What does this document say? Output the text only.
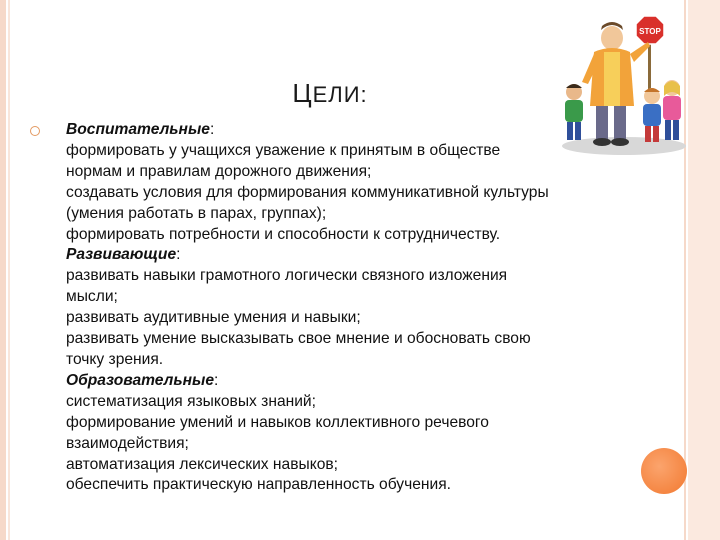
ЦЕЛИ:
Воспитательные:
формировать у учащихся уважение к принятым в обществе
нормам и правилам дорожного движения;
создавать условия для формирования коммуникативной культуры
(умения работать в парах, группах);
формировать потребности и способности к сотрудничеству.
Развивающие:
развивать навыки грамотного логически связного изложения
мысли;
развивать аудитивные умения и навыки;
развивать умение высказывать свое мнение и обосновать свою
точку зрения.
Образовательные:
систематизация языковых знаний;
формирование умений и навыков коллективного речевого
взаимодействия;
автоматизация лексических навыков;
обеспечить практическую направленность обучения.
STOP
